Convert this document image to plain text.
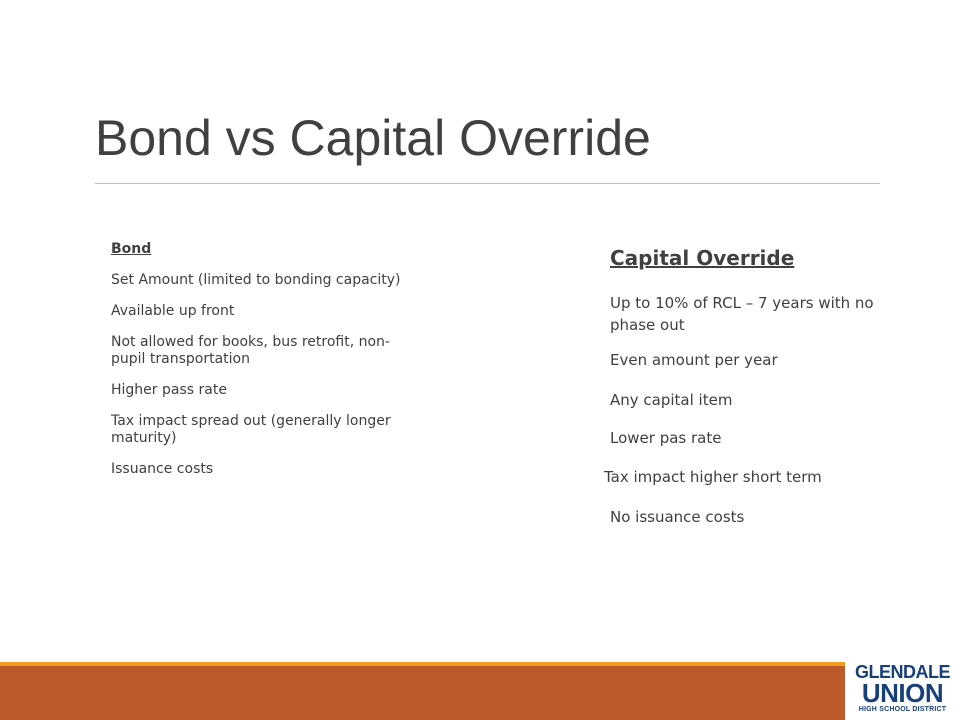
Bond vs Capital Override
Bond
Set Amount (limited to bonding capacity)
Available up front
Not allowed for books, bus retrofit, non-pupil transportation
Higher pass rate
Tax impact spread out (generally longer maturity)
Issuance costs
Capital Override
Up to 10% of RCL – 7 years with no phase out
Even amount per year
Any capital item
Lower pas rate
Tax impact higher short term
No issuance costs
GLENDALE
UNION
HIGH SCHOOL DISTRICT
